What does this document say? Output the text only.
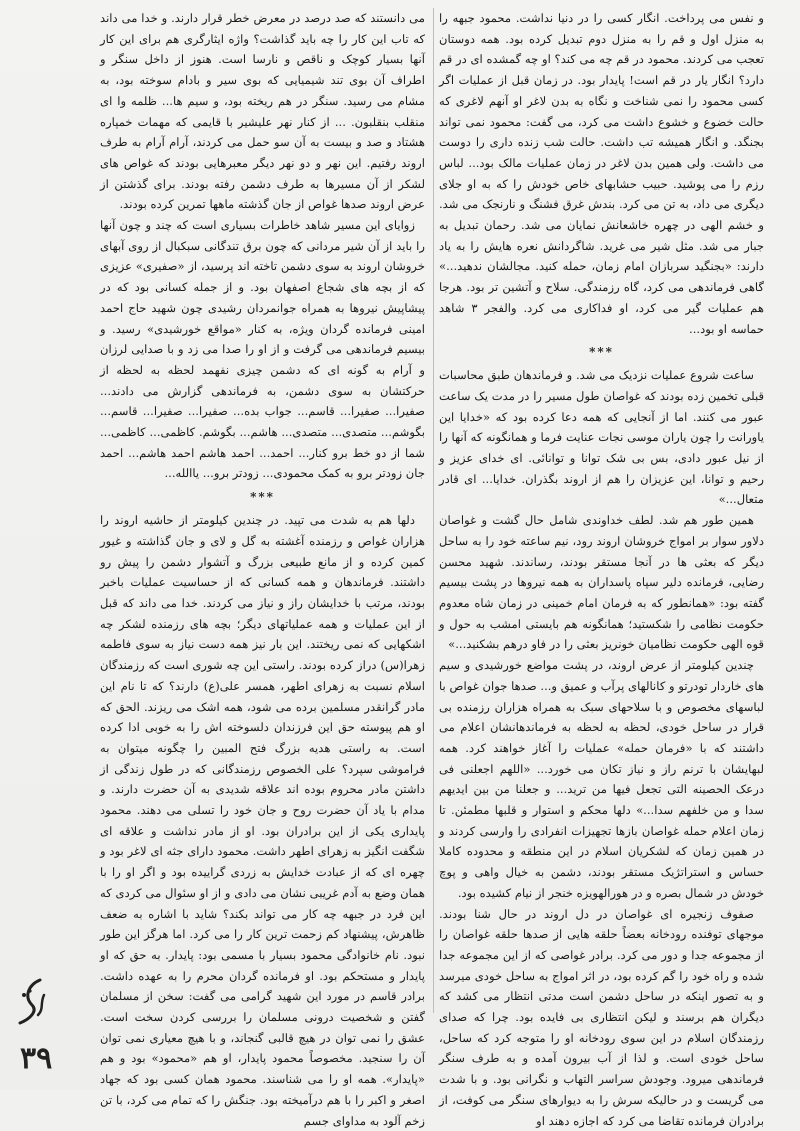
می دانستند که صد درصد در معرض خطر قرار دارند. و خدا می داند که تاب این کار را چه باید گذاشت؟ واژه ایثارگری هم برای این کار آنها بسیار کوچک و ناقص و نارسا است. هنوز از داخل سنگر و اطراف آن بوی تند شیمیایی که بوی سیر و بادام سوخته بود، به مشام می رسید. سنگر در هم ریخته بود، و سیم ها... ظلمه وا ای منقلب بنقلبون. ... از کنار نهر علیشیر با قایمی که مهمات خمپاره هشتاد و صد و بیست به آن سو حمل می کردند، آرام آرام به طرف اروند رفتیم. این نهر و دو نهر دیگر معبرهایی بودند که غواص های لشکر از آن مسیرها به طرف دشمن رفته بودند. برای گذشتن از عرض اروند صدها غواص از جان گذشته ماهها تمرین کرده بودند.

زوایای این مسیر شاهد خاطرات بسیاری است که چند و چون آنها را باید از آن شیر مردانی که چون برق تندگانی سبکبال از روی آبهای خروشان اروند به سوی دشمن تاخته اند پرسید، از «صفیری» عزیزی که از بچه های شجاع اصفهان بود. و از جمله کسانی بود که در پیشاپیش نیروها به همراه جوانمردان رشیدی چون شهید حاج احمد امینی فرمانده گردان ویژه، به کنار «مواقع خورشیدی» رسید. و بیسیم فرماندهی می گرفت و از او را صدا می زد و با صدایی لرزان و آرام به گونه ای که دشمن چیزی نفهمد لحظه به لحظه از حرکتشان به سوی دشمن، به فرماندهی گزارش می دادند... صفیرا... صفیرا... قاسم... جواب بده... صفیرا... صفیرا... قاسم... بگوشم... متصدی... متصدی... هاشم... بگوشم. کاظمی... کاظمی... شما از دو خط برو کنار... احمد... احمد هاشم احمد هاشم... احمد جان زودتر برو به کمک محمودی... زودتر برو... یاالله...

***

دلها هم به شدت می تپید. در چندین کیلومتر از حاشیه اروند را هزاران غواص و رزمنده آغشته به گل و لای و جان گذاشته و غیور کمین کرده و از مانع طبیعی بزرگ و آتشوار دشمن را پیش رو داشتند. فرماندهان و همه کسانی که از حساسیت عملیات باخبر بودند، مرتب با خدایشان راز و نیاز می کردند. خدا می داند که قبل از این عملیات و همه عملیاتهای دیگر؛ بچه های رزمنده لشکر چه اشکهایی که نمی ریختند. این بار نیز همه دست نیاز به سوی فاطمه زهرا(س) دراز کرده بودند. راستی این چه شوری است که رزمندگان اسلام نسبت به زهرای اطهر، همسر علی(ع) دارند؟ که تا نام این مادر گرانقدر مسلمین برده می شود، همه اشک می ریزند. الحق که او هم پیوسته حق این فرزندان دلسوخته اش را به خوبی ادا کرده است. به راستی هدیه بزرگ فتح المبین را چگونه میتوان به فراموشی سپرد؟ علی الخصوص رزمندگانی که در طول زندگی از داشتن مادر محروم بوده اند علاقه شدیدی به آن حضرت دارند. و مدام با یاد آن حضرت روح و جان خود را تسلی می دهند. محمود پایداری یکی از این برادران بود. او از مادر نداشت و علاقه ای شگفت انگیز به زهرای اطهر داشت. محمود دارای جثه ای لاغر بود و چهره ای که از عبادت خدایش به زردی گراییده بود و اگر او را با همان وضع به آدم غریبی نشان می دادی و از او سئوال می کردی که این فرد در جبهه چه کار می تواند بکند؟ شاید با اشاره به ضعف ظاهرش، پیشنهاد کم زحمت ترین کار را می کرد. اما هرگز این طور نبود. نام خانوادگی محمود بسیار با مسمی بود: پایدار. به حق که او پایدار و مستحکم بود. او فرمانده گردان محرم را به عهده داشت. برادر قاسم در مورد این شهید گرامی می گفت: سخن از مسلمان گفتن و شخصیت درونی مسلمان را بررسی کردن سخت است. عشق را نمی توان در هیچ قالبی گنجاند، و با هیچ معیاری نمی توان آن را سنجید. مخصوصاً محمود پایدار، او هم «محمود» بود و هم «پایدار». همه او را می شناسند. محمود همان کسی بود که جهاد اصغر و اکبر را با هم درآمیخته بود. جنگش را که تمام می کرد، با تن زخم آلود به مداوای جسم

و نفس می پرداخت. انگار کسی را در دنیا نداشت. محمود جبهه را به منزل اول و قم را به منزل دوم تبدیل کرده بود. همه دوستان تعجب می کردند. محمود در قم چه می کند؟ او چه گمشده ای در قم دارد؟ انگار یار در قم است! پایدار بود. در زمان قبل از عملیات اگر کسی محمود را نمی شناخت و نگاه به بدن لاغر او آنهم لاغری که حالت خضوع و خشوع داشت می کرد، می گفت: محمود نمی تواند بجنگد. و انگار همیشه تب داشت. حالت شب زنده داری را دوست می داشت. ولی همین بدن لاغر در زمان عملیات مالک بود... لباس رزم را می پوشید. حبیب حشابهای خاص خودش را که به او جلای دیگری می داد، به تن می کرد. بندش غرق فشنگ و نارنجک می شد. و خشم الهی در چهره خاشعانش نمایان می شد. رحمان تبدیل به جبار می شد. مثل شیر می غرید. شاگردانش نعره هایش را به یاد دارند: «بجنگید سربازان امام زمان، حمله کنید. مجالشان ندهید...» گاهی فرماندهی می کرد، گاه رزمندگی. سلاح و آتشین تر بود. هرجا هم عملیات گیر می کرد، او فداکاری می کرد. والفجر ۳ شاهد حماسه او بود...

***

ساعت شروع عملیات نزدیک می شد. و فرماندهان طبق محاسبات قبلی تخمین زده بودند که غواصان طول مسیر را در مدت یک ساعت عبور می کنند. اما از آنجایی که همه دعا کرده بود که «خدایا این یاورانت را چون یاران موسی نجات عنایت فرما و همانگونه که آنها را از نیل عبور دادی، بس بی شک توانا و توانائی. ای خدای عزیز و رحیم و توانا، این عزیزان را هم از اروند بگذران. خدایا... ای قادر متعال...»

همین طور هم شد. لطف خداوندی شامل حال گشت و غواصان دلاور سوار بر امواج خروشان اروند رود، نیم ساعته خود را به ساحل دیگر که بعثی ها در آنجا مستقر بودند، رساندند. شهید محسن رضایی، فرمانده دلیر سپاه پاسداران به همه نیروها در پشت بیسیم گفته بود: «همانطور که به فرمان امام خمینی در زمان شاه معدوم حکومت نظامی را شکستید؛ همانگونه هم بایستی امشب به حول و قوه الهی حکومت نظامیان خونریز بعثی را در فاو درهم بشکنید...»

چندین کیلومتر از عرض اروند، در پشت مواضع خورشیدی و سیم های خاردار تودرتو و کانالهای پرآب و عمیق و... صدها جوان غواص با لباسهای مخصوص و با سلاحهای سبک به همراه هزاران رزمنده بی قرار در ساحل خودی، لحظه به لحظه به فرماندهانشان اعلام می داشتند که با «فرمان حمله» عملیات را آغاز خواهند کرد. همه لبهایشان با ترنم راز و نیاز تکان می خورد... «اللهم اجعلنی فی درعک الحصینه التی تجعل فیها من ترید... و جعلنا من بین ایدیهم سدا و من خلفهم سدا...» دلها محکم و استوار و قلبها مطمئن. تا زمان اعلام حمله غواصان بازها تجهیزات انفرادی را وارسی کردند و در همین زمان که لشکریان اسلام در این منطقه و محدوده کاملا حساس و استراتژیک مستقر بودند، دشمن به خیال واهی و پوچ خودش در شمال بصره و در هورالهویزه خنجر از نیام کشیده بود.

صفوف زنجیره ای غواصان در دل اروند در حال شنا بودند. موجهای توفنده رودخانه بعضاً حلقه هایی از صدها حلقه غواصان را از مجموعه جدا و دور می کرد. برادر غواصی که از این مجموعه جدا شده و راه خود را گم کرده بود، در اثر امواج به ساحل خودی میرسد و به تصور اینکه در ساحل دشمن است مدتی انتظار می کشد که دیگران هم برسند و لیکن انتظاری بی فایده بود. چرا که صدای رزمندگان اسلام در این سوی رودخانه او را متوجه کرد که ساحل، ساحل خودی است. و لذا از آب بیرون آمده و به طرف سنگر فرماندهی میرود. وجودش سراسر التهاب و نگرانی بود. و با شدت می گریست و در حالیکه سرش را به دیوارهای سنگر می کوفت، از برادران فرمانده تقاضا می کرد که اجازه دهند او

۳۹
